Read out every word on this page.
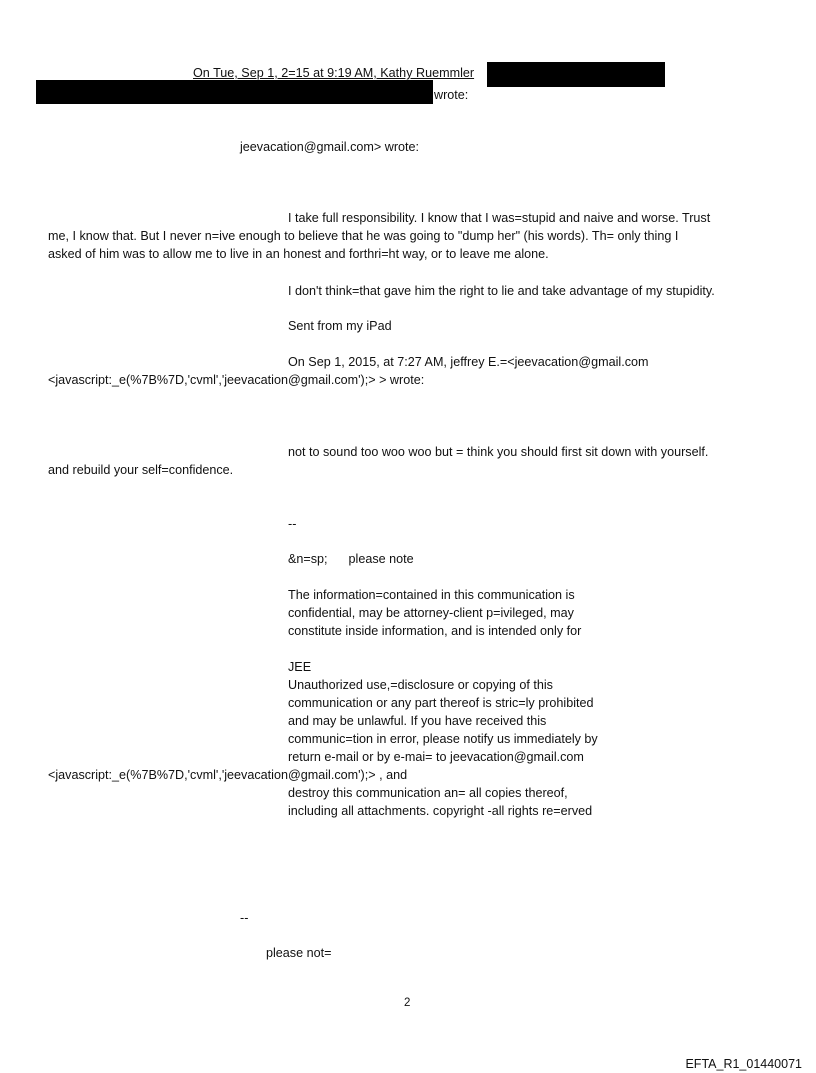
On Tue, Sep 1, 2=15 at 9:19 AM, Kathy Ruemmler
wrote:
jeevacation@gmail.com> wrote:
I take full responsibility. I know that I was=stupid and naive and worse. Trust
me, I know that. But I never n=ive enough to believe that he was going to "dump her" (his words). Th= only thing I
asked of him was to allow me to live in an honest and forthri=ht way, or to leave me alone.
I don't think=that gave him the right to lie and take advantage of my stupidity.
Sent from my iPad
On Sep 1, 2015, at 7:27 AM, jeffrey E.=<jeevacation@gmail.com
<javascript:_e(%7B%7D,'cvml','jeevacation@gmail.com');> > wrote:
not to sound too woo woo but = think you should first sit down with yourself.
and rebuild your self=confidence.
--
&n=sp;      please note
The information=contained in this communication is
confidential, may be attorney-client p=ivileged, may
constitute inside information, and is intended only for
JEE
Unauthorized use,=disclosure or copying of this
communication or any part thereof is stric=ly prohibited
and may be unlawful. If you have received this
communic=tion in error, please notify us immediately by
return e-mail or by e-mai= to jeevacation@gmail.com
<javascript:_e(%7B%7D,'cvml','jeevacation@gmail.com');> , and
destroy this communication an= all copies thereof,
including all attachments. copyright -all rights re=erved
--
please not=
2
EFTA_R1_01440071
